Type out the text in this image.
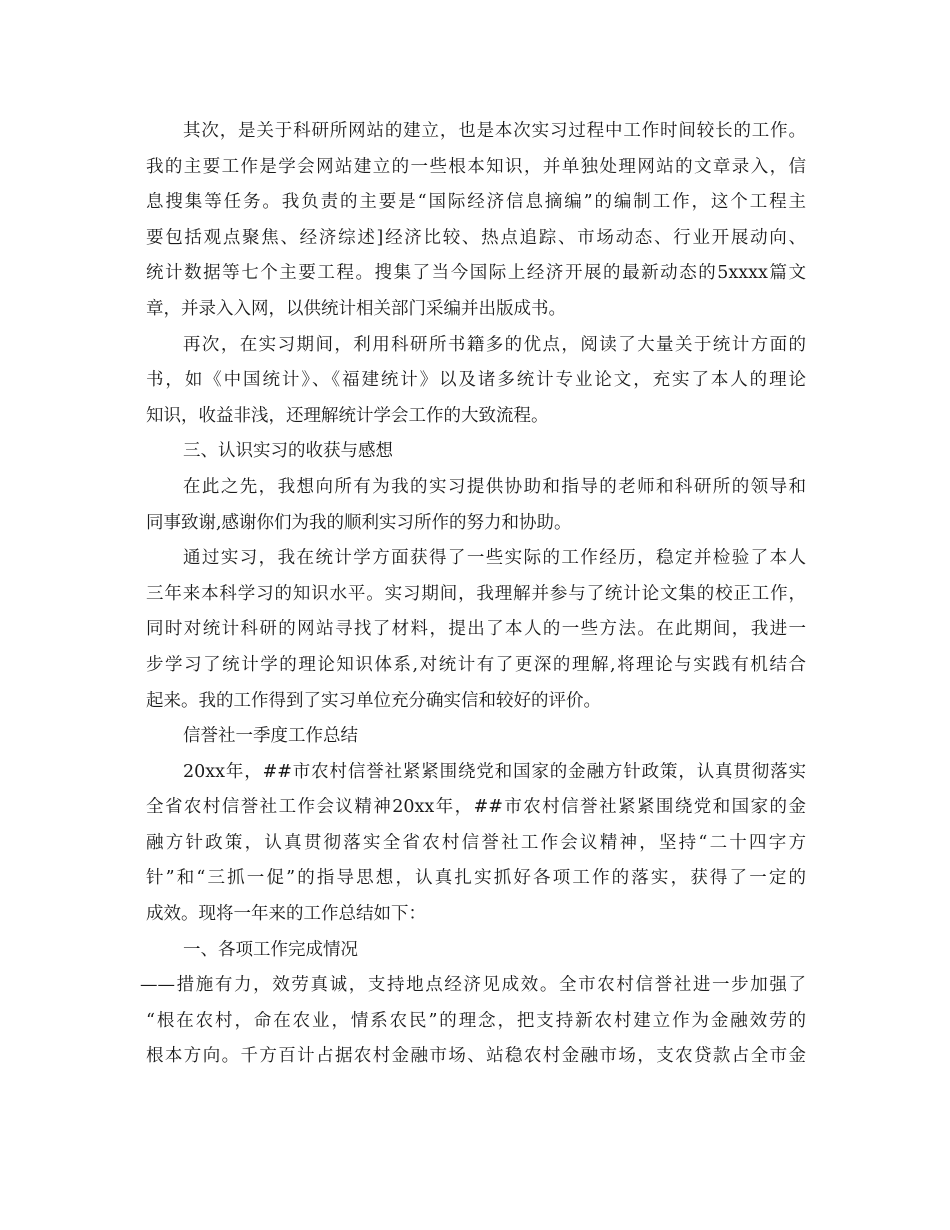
其次，是关于科研所网站的建立，也是本次实习过程中工作时间较长的工作。
我的主要工作是学会网站建立的一些根本知识，并单独处理网站的文章录入，信
息搜集等任务。我负责的主要是“国际经济信息摘编”的编制工作，这个工程主
要包括观点聚焦、经济综述]经济比较、热点追踪、市场动态、行业开展动向、
统计数据等七个主要工程。搜集了当今国际上经济开展的最新动态的5xxxx篇文
章，并录入入网，以供统计相关部门采编并出版成书。
再次，在实习期间，利用科研所书籍多的优点，阅读了大量关于统计方面的
书，如《中国统计》、《福建统计》以及诸多统计专业论文，充实了本人的理论
知识，收益非浅，还理解统计学会工作的大致流程。
三、认识实习的收获与感想
在此之先，我想向所有为我的实习提供协助和指导的老师和科研所的领导和
同事致谢,感谢你们为我的顺利实习所作的努力和协助。
通过实习，我在统计学方面获得了一些实际的工作经历，稳定并检验了本人
三年来本科学习的知识水平。实习期间，我理解并参与了统计论文集的校正工作，
同时对统计科研的网站寻找了材料，提出了本人的一些方法。在此期间，我进一
步学习了统计学的理论知识体系,对统计有了更深的理解,将理论与实践有机结合
起来。我的工作得到了实习单位充分确实信和较好的评价。
信誉社一季度工作总结
20xx年，##市农村信誉社紧紧围绕党和国家的金融方针政策，认真贯彻落实
全省农村信誉社工作会议精神20xx年，##市农村信誉社紧紧围绕党和国家的金
融方针政策，认真贯彻落实全省农村信誉社工作会议精神，坚持“二十四字方
针”和“三抓一促”的指导思想，认真扎实抓好各项工作的落实，获得了一定的
成效。现将一年来的工作总结如下：
一、各项工作完成情况
——措施有力，效劳真诚，支持地点经济见成效。全市农村信誉社进一步加强了
“根在农村，命在农业，情系农民”的理念，把支持新农村建立作为金融效劳的
根本方向。千方百计占据农村金融市场、站稳农村金融市场，支农贷款占全市金
